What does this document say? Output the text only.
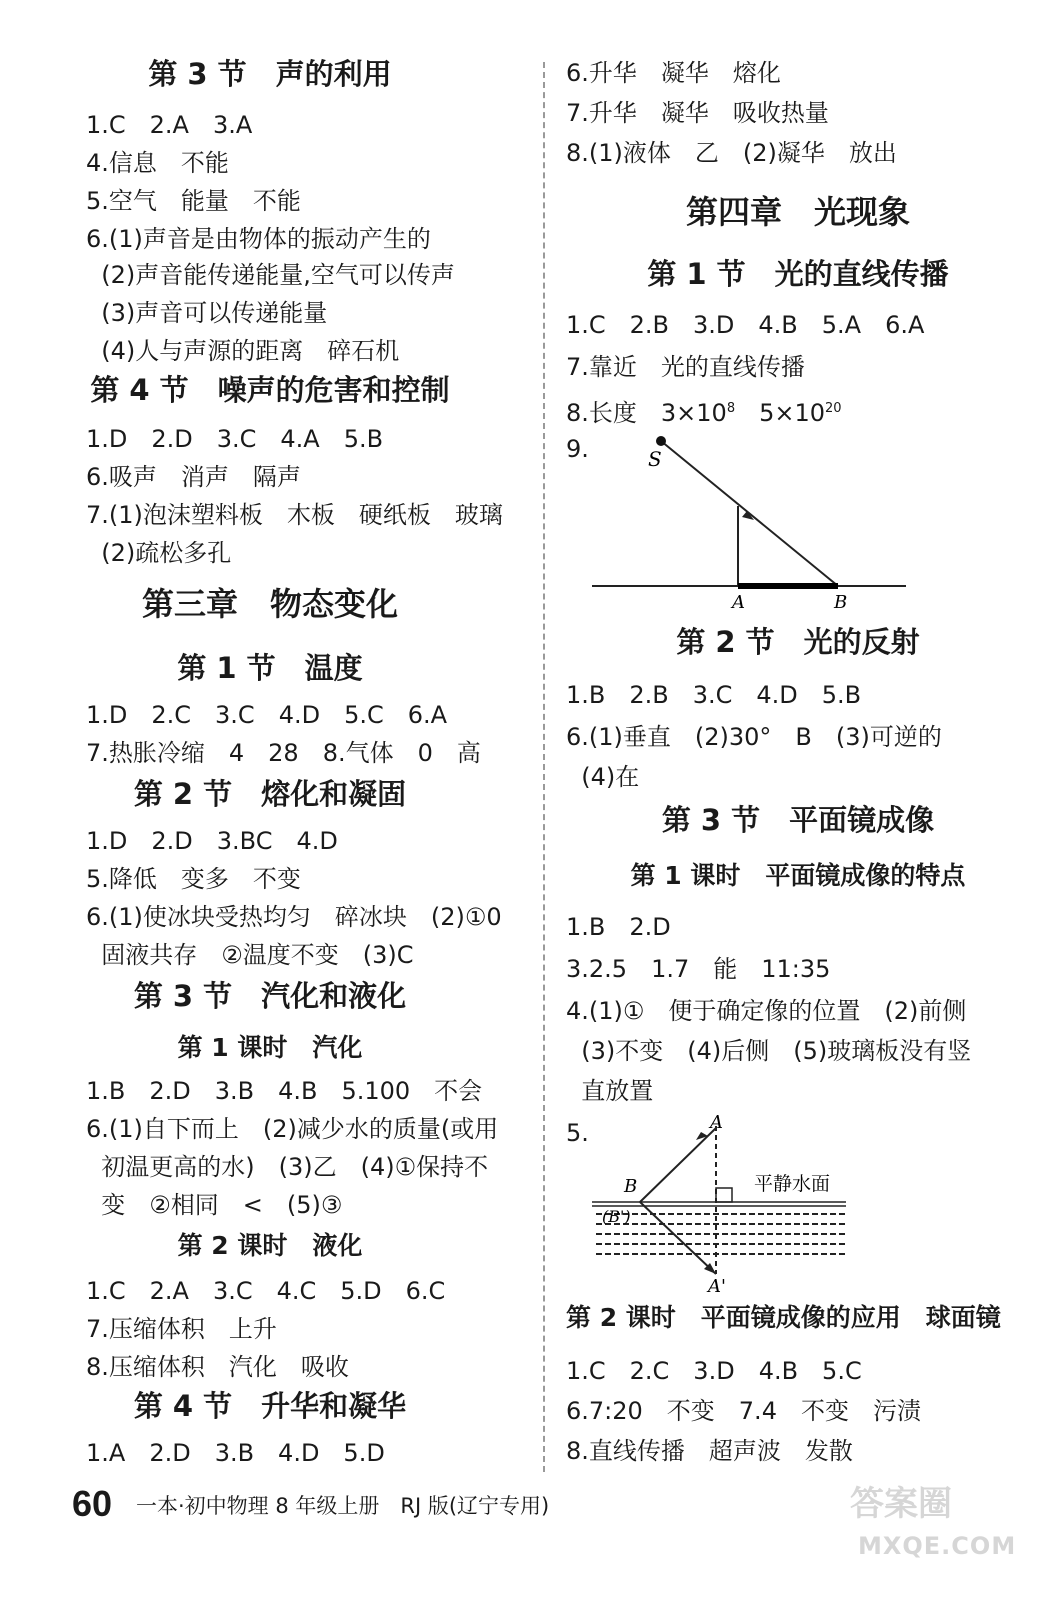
第 3 节　声的利用
1.C　2.A　3.A
4.信息　不能
5.空气　能量　不能
6.(1)声音是由物体的振动产生的
(2)声音能传递能量,空气可以传声
(3)声音可以传递能量
(4)人与声源的距离　碎石机
第 4 节　噪声的危害和控制
1.D　2.D　3.C　4.A　5.B
6.吸声　消声　隔声
7.(1)泡沫塑料板　木板　硬纸板　玻璃
(2)疏松多孔
第三章　物态变化
第 1 节　温度
1.D　2.C　3.C　4.D　5.C　6.A
7.热胀冷缩　4　28　8.气体　0　高
第 2 节　熔化和凝固
1.D　2.D　3.BC　4.D
5.降低　变多　不变
6.(1)使冰块受热均匀　碎冰块　(2)①0
固液共存　②温度不变　(3)C
第 3 节　汽化和液化
第 1 课时　汽化
1.B　2.D　3.B　4.B　5.100　不会
6.(1)自下而上　(2)减少水的质量(或用
初温更高的水)　(3)乙　(4)①保持不
变　②相同　<　(5)③
第 2 课时　液化
1.C　2.A　3.C　4.C　5.D　6.C
7.压缩体积　上升
8.压缩体积　汽化　吸收
第 4 节　升华和凝华
1.A　2.D　3.B　4.D　5.D
6.升华　凝华　熔化
7.升华　凝华　吸收热量
8.(1)液体　乙　(2)凝华　放出
第四章　光现象
第 1 节　光的直线传播
1.C　2.B　3.D　4.B　5.A　6.A
7.靠近　光的直线传播
8.长度　$3\times 10^8$　$5\times 10^{20}$
9.	S
A	B
第 2 节　光的反射
1.B　2.B　3.C　4.D　5.B
6.(1)垂直　(2)30°　B　(3)可逆的
(4)在
第 3 节　平面镜成像
第 1 课时　平面镜成像的特点
1.B　2.D
3.2.5　1.7　能　11:35
4.(1)①　便于确定像的位置　(2)前侧
(3)不变　(4)后侧　(5)玻璃板没有竖
直放置
5.	A
B
(B')
A'
平静水面
第 2 课时　平面镜成像的应用　球面镜
1.C　2.C　3.D　4.B　5.C
6.7:20　不变　7.4　不变　污渍
8.直线传播　超声波　发散
60 一本·初中物理 8 年级上册　RJ 版(辽宁专用)	答案圈
MXQE.COM
